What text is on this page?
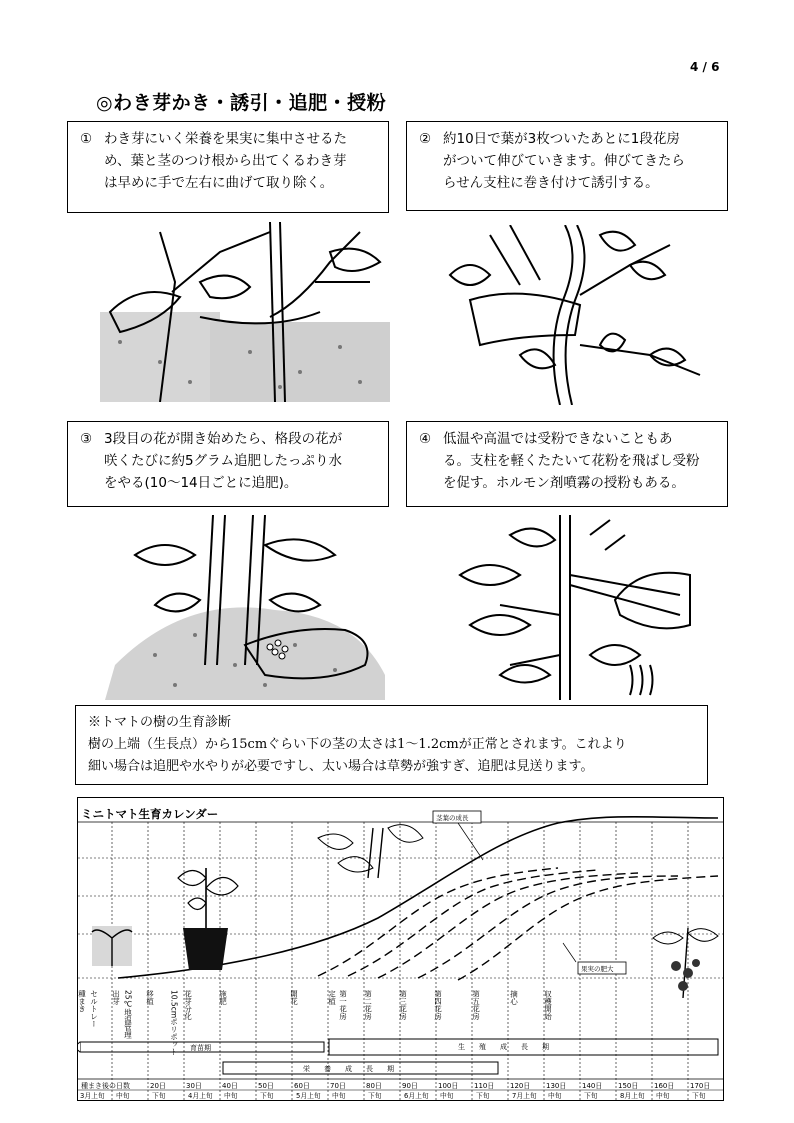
4 / 6
◎わき芽かき・誘引・追肥・授粉
① わき芽にいく栄養を果実に集中させるた
め、葉と茎のつけ根から出てくるわき芽
は早めに手で左右に曲げて取り除く。
② 約10日で葉が3枚ついたあとに1段花房
がついて伸びていきます。伸びてきたら
らせん支柱に巻き付けて誘引する。
③ 3段目の花が開き始めたら、格段の花が
咲くたびに約5グラム追肥したっぷり水
をやる(10～14日ごとに追肥)。
④ 低温や高温では受粉できないこともあ
る。支柱を軽くたたいて花粉を飛ばし受粉
を促す。ホルモン剤噴霧の授粉もある。
※トマトの樹の生育診断
樹の上端（生長点）から15cmぐらい下の茎の太さは1～1.2cmが正常とされます。これより
細い場合は追肥や水やりが必要ですし、太い場合は草勢が強すぎ、追肥は見送ります。
ミニトマト生育カレンダー	茎葉の成長
果実の肥大
種まき	出芽 25℃地温管理
セルトレー	移植 10.5cmポリポット 花芽分化	施肥	開花	定植 第一花房 第二花房	第三花房	第四花房	第五花房	摘心	収穫開始
育苗期	生　　殖　　成　　長　　期
栄　　養　　成　　長　　期
種まき後の日数	20日	30日	40日	50日	60日	70日	80日	90日	100日 110日 120日 130日 140日 150日 160日 170日
3月上旬 中旬	下旬	4月上旬 中旬	下旬	5月上旬 中旬	下旬	6月上旬 中旬	下旬	7月上旬 中旬	下旬	8月上旬 中旬	下旬
